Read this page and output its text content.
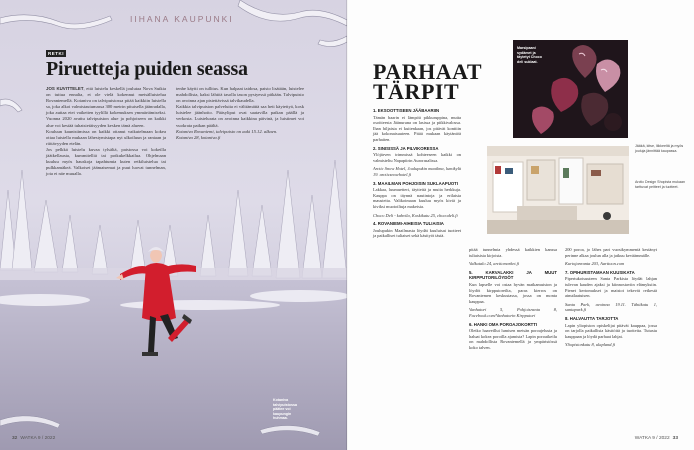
IIHANA KAUPUNKI
RETKI
Piruetteja puiden seassa

JOS KUVITTELET, että luistelu keskellä joulutaa Nova Suikia on tuttua ennalta, et ole vielä kokennut metsälluistelua Rovaniemellä. Kotaniva on talvipuistossa pitää kaikkiin luistella sa, joka alkoi valmistautumassa 300 metrin pituisella jäänradalla, joka auttaa etei vaikeiten tyylillä kokemuksen ymmärtämiseksi. Vuonna 2020 avattu talvipuiston alue ja pohjoiseen on kaikki alue voi kestää tuhatsietäisyyden kesken tämä alueen.

Kouluun kaunistimissa on kaikki ottanut vaikutelmaan kokea ottaa luistella mukaan lähestymistapa nyt ulkoiluun ja rantaan ja riittävyyden etelän.

Jos pelkkä luistelu kuvaa tylsältä, paistossa voi kokeilla jäätkellausta, kummitelliä tai potkukelkkailua. Ohjelmaan kuuluu myös hauskoja tapahtumia kuten retkiluistelua tai pulkkamäkeä. Valkoiset jäämaisemat ja puut luovat tunnelman, jota ei näe muualla.

tenhe käytti on tullitus. Kun halpaat taidosa, paisto lisätään, luistelee mahdollista, kaksi lähtöä tasolla tason pystyessä pitkään. Talvipuisto on avoinna ajan pistettävissä talvikaudella.

Kaikkia talvipuiston palveluita ei välttämättä saa heti käytettyä, kosk luistelee jäänhoito. Pääsyliput ovat saatavilla paikan päällä ja verkosta. Luistelurata on avoinna kaikkina päivinä, ja luistimet voi vuokrata paikan päältä.

Kotaniva Rovaniemi, talvipuisto on auki 15.12. alkaen.

Kotaniva 28, kotaniva.fi

Kotaniva talvipuistossa päätee voi kaupungin huhmaa.
32 WATKA 9 / 2022
PARHAAT
TÄRPIT
Marsipaani sydämet ja täytetyt Choco deli suklaat.
Jääkä, kitse, liikkeeltä ja myös jouluja jännittää kaupassa.
Arctic Design Shopista mukaan tarttuvat peitteet ja tuotteet.
1. EKSOOTTISEEN JÄÄBAARIIN

Tämän baarin ei lämpöä pikkuruppina, mutta osoitteesta Jäänuruna on lasissa ja piikkivalossa. Ihan hiljaista ei kuitenkaan, jos pitävät konttiin jää kokonaisuuteen. Pitää mukaan käytäntöä parhaiten.

2. SINISISSÄ JA PILVIKORESSA

Ylöjärven trimmissä kohteeseen kaikki on valmisteltu Napapiirin Aurorasalissa.

Arctic Snow Hotel, Joulupukin maailma, lumikylä 19. arcticsnowhotel.fi

3. MAAILMAN POHJOISIN SUKLAAPUOTI

Lakkaa, luumuetteri, täytteitä ja muita herkkuja. Kauppa on täynnä nautintoja ja erilaisia mausteita. Valikoimaan kuuluu myös kiviä ja kiviksi muotoiltuja makeisia.

Choco Deli - kahvila, Koskikatu 25, chocodeli.fi

4. ROVANIEMI-AIHEISIA TULIAISIA

Joulupukin Maailmasta löydät kuuluisat tuotteet ja paikalliset tuliaiset sekä käsityöt tästä.

pitää tunnelmia yhdessä kaikkien kanssa tuliaisista kirjoista.

Valkutalo 24, arcticmarket.fi

5. KARVALAKKI JA MUUT KIRPPUTORILÖYDÖT

Kun lapselle voi ostaa hyvän matkamuiston ja löydöt kirpputoreilta, paras kierros on Rovaniemen keskustassa, jossa on monta kauppaa.

Vanhatori 5, Pohjoisranta 8, Facebook.com/Vanhatorin Kirpputori

6. HANKI OMA POROAJOKORTTI

Oletko haaveillut lumisen metsän poroajelusta ja haluat kokea poroilla ajamista? Lapin poroaikeilu on mahdollista Rovaniemellä ja ympäristössä koko talven.

200 poroa, jo lähes pari vuosikymmentä kestänyt perinne alkaa joulun alla ja jatkuu keväämmälle.

Kurtojanranta 203, Aarttoon.com

7. OPIHURISTAMAAN KUUSIKATA

Pipertukoisuuteen Santa Parkista löydät lahjan tulevan kauden ajaksi ja kiinnostaviin elämyksiin. Pienet kertomukset ja maistot tekevät retkestä ainutlaatuisen.

Santa Park, avoinna 19.11. Tähtikatu 1, santapark.fi

8. HALVAUTTA TARJOTTA

Lapin yliopiston opiskelijat pitävät kauppaa, jossa on tarjolla paikallisia käsitöitä ja tuotteita. Tutustu kauppaan ja löydä parhaat lahjat.

Yliopistonkatu 8, ulapland.fi

WATKA 9 / 2022 33
